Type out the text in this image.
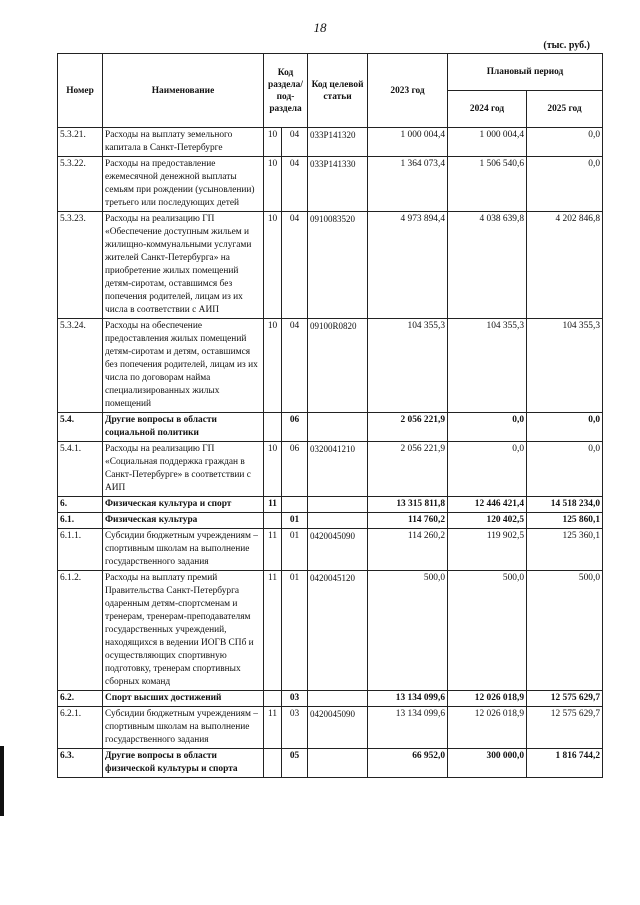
18
(тыс. руб.)
Номер	Наименование	Код раздела/ под- раздела		Код целевой статьи	2023 год	Плановый период	
						2024 год	2025 год
5.3.21.	Расходы на выплату земельного капитала в Санкт-Петербурге	10	04	033Р141320	1 000 004,4	1 000 004,4	0,0
5.3.22.	Расходы на предоставление ежемесячной денежной выплаты семьям при рождении (усыновлении) третьего или последующих детей	10	04	033Р141330	1 364 073,4	1 506 540,6	0,0
5.3.23.	Расходы на реализацию ГП «Обеспечение доступным жильем и жилищно-коммунальными услугами жителей Санкт-Петербурга» на приобретение жилых помещений детям-сиротам, оставшимся без попечения родителей, лицам из их числа в соответствии с АИП	10	04	0910083520	4 973 894,4	4 038 639,8	4 202 846,8
5.3.24.	Расходы на обеспечение предоставления жилых помещений детям-сиротам и детям, оставшимся без попечения родителей, лицам из их числа по договорам найма специализированных жилых помещений	10	04	09100R0820	104 355,3	104 355,3	104 355,3
5.4.	Другие вопросы в области социальной политики		06		2 056 221,9	0,0	0,0
5.4.1.	Расходы на реализацию ГП «Социальная поддержка граждан в Санкт-Петербурге» в соответствии с АИП	10	06	0320041210	2 056 221,9	0,0	0,0
6.	Физическая культура и спорт	11			13 315 811,8	12 446 421,4	14 518 234,0
6.1.	Физическая культура		01		114 760,2	120 402,5	125 860,1
6.1.1.	Субсидии бюджетным учреждениям – спортивным школам на выполнение государственного задания	11	01	0420045090	114 260,2	119 902,5	125 360,1
6.1.2.	Расходы на выплату премий Правительства Санкт-Петербурга одаренным детям-спортсменам и тренерам, тренерам-преподавателям государственных учреждений, находящихся в ведении ИОГВ СПб и осуществляющих спортивную подготовку, тренерам спортивных сборных команд	11	01	0420045120	500,0	500,0	500,0
6.2.	Спорт высших достижений		03		13 134 099,6	12 026 018,9	12 575 629,7
6.2.1.	Субсидии бюджетным учреждениям – спортивным школам на выполнение государственного задания	11	03	0420045090	13 134 099,6	12 026 018,9	12 575 629,7
6.3.	Другие вопросы в области физической культуры и спорта		05		66 952,0	300 000,0	1 816 744,2
